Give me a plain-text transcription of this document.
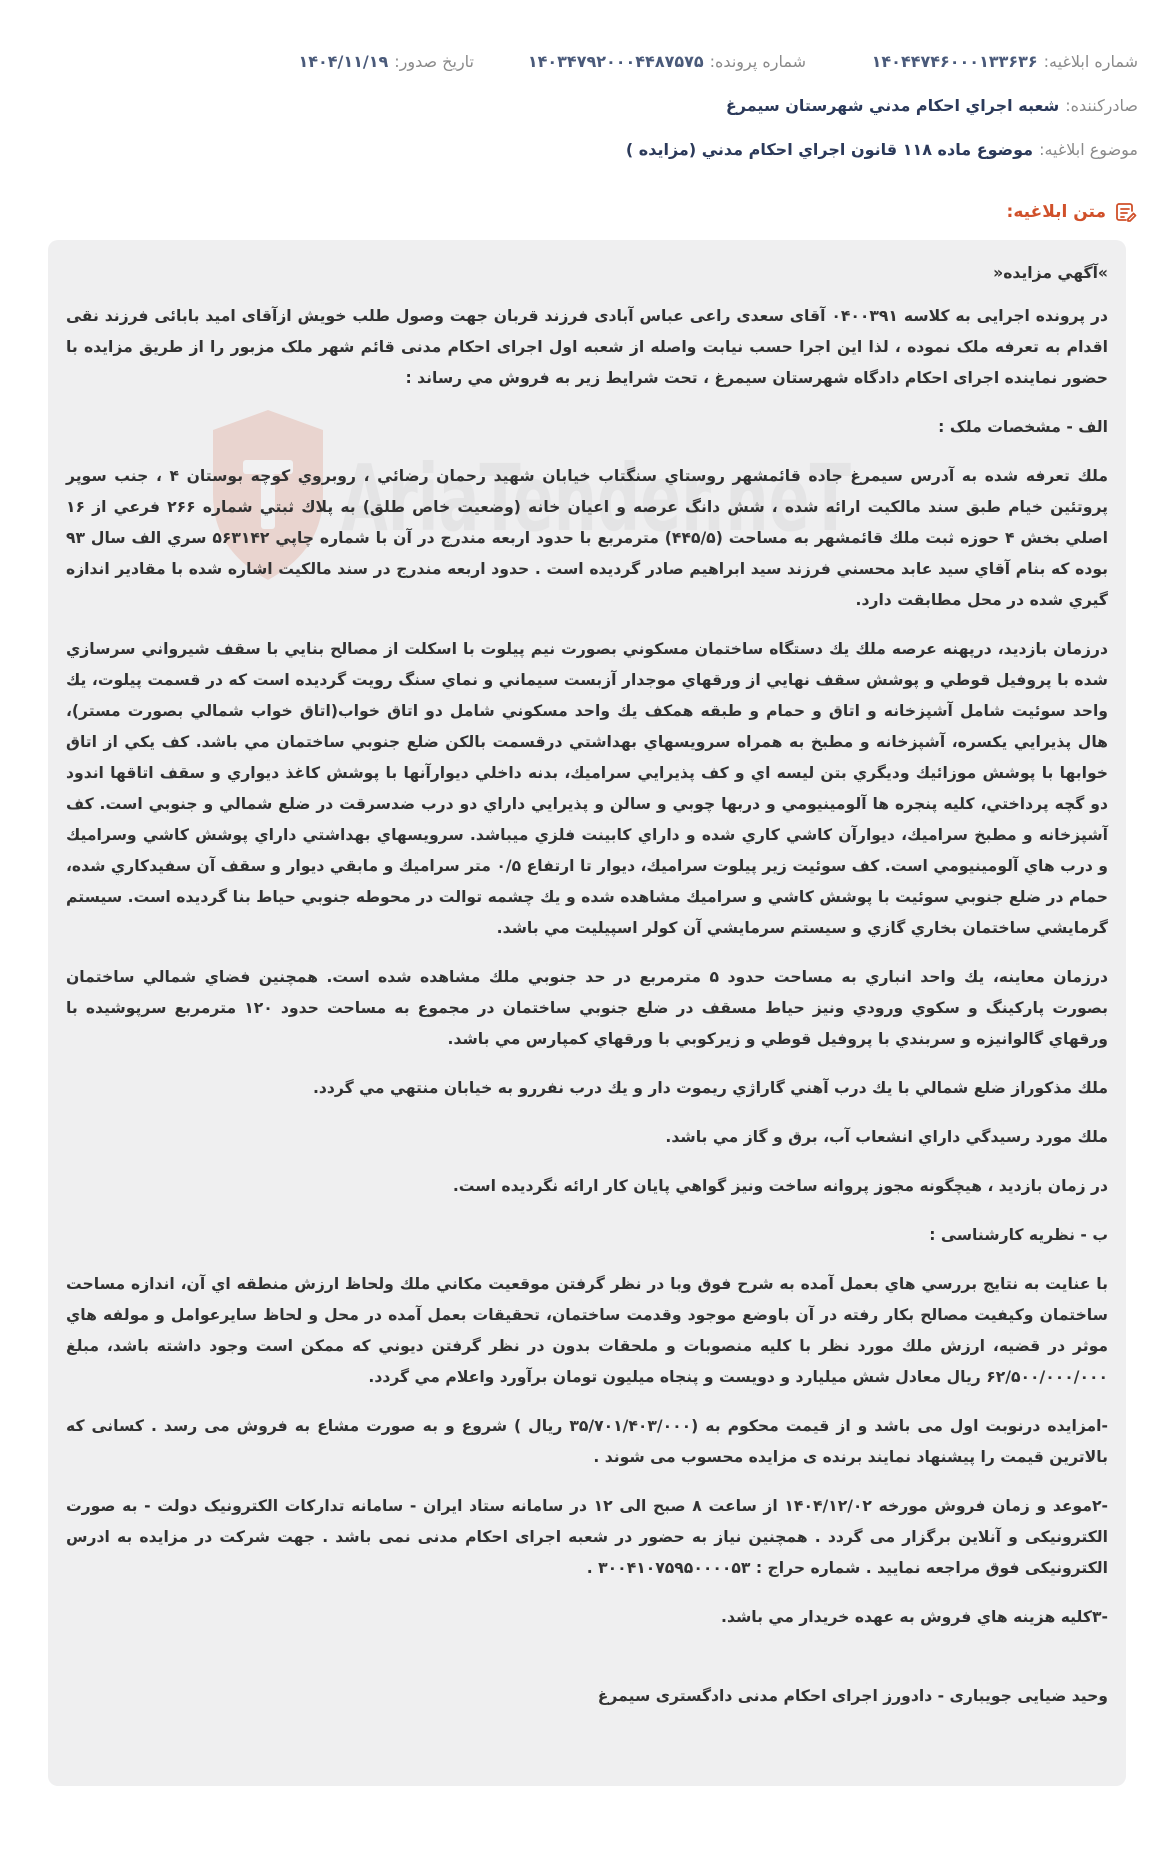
شماره ابلاغیه:
۱۴۰۴۴۷۴۶۰۰۰۱۳۳۶۳۶
شماره پرونده:
۱۴۰۳۴۷۹۲۰۰۰۴۴۸۷۵۷۵
تاریخ صدور:
۱۴۰۴/۱۱/۱۹
صادرکننده:
شعبه اجراي احکام مدني شهرستان سيمرغ
موضوع ابلاغیه:
موضوع ماده ۱۱۸ قانون اجراي احکام مدني (مزايده )
متن ابلاغیه:
AriaTender.neT

»آگهي مزايده«

در پرونده اجرایی به کلاسه ۰۴۰۰۳۹۱ آقای سعدی راعی عباس آبادی فرزند قربان جهت وصول طلب خويش ازآقای اميد بابائی فرزند نقی اقدام به تعرفه ملک نموده ، لذا اين اجرا حسب نيابت واصله از شعبه اول اجرای احکام مدنی قائم شهر ملک مزبور را از طريق مزايده با حضور نماينده اجرای احکام دادگاه شهرستان سيمرغ ، تحت شرايط زير به فروش مي رساند :

الف - مشخصات ملک :

ملك تعرفه شده به آدرس سيمرغ جاده قائمشهر روستاي سنگتاب خيابان شهيد رحمان رضائي ، روبروي كوچه بوستان ۴ ، جنب سوپر پروتئين خيام طبق سند مالكيت ارائه شده ، شش دانگ عرصه و اعيان خانه (وضعيت خاص طلق) به پلاك ثبتي شماره ۲۶۶ فرعي از ۱۶ اصلي بخش ۴ حوزه ثبت ملك قائمشهر به مساحت (۴۴۵/۵) مترمربع با حدود اربعه مندرج در آن با شماره چاپي ۵۶۳۱۴۲ سري الف سال ۹۳ بوده كه بنام آقاي سيد عابد محسني فرزند سيد ابراهيم صادر گرديده است . حدود اربعه مندرج در سند مالكيت اشاره شده با مقادير اندازه گيري شده در محل مطابقت دارد.

درزمان بازديد، درپهنه عرصه ملك يك دستگاه ساختمان مسكوني بصورت نيم پيلوت با اسكلت از مصالح بنايي با سقف شيرواني سرسازي شده با پروفيل قوطي و پوشش سقف نهايي از ورقهاي موجدار آزبست سيماني و نماي سنگ رويت گرديده است كه در قسمت پيلوت، يك واحد سوئيت شامل آشپزخانه و اتاق و حمام و طبقه همكف يك واحد مسكوني شامل دو اتاق خواب(اتاق خواب شمالي بصورت مستر)، هال پذيرايي يكسره، آشپزخانه و مطبخ به همراه سرويسهاي بهداشتي درقسمت بالكن ضلع جنوبي ساختمان مي باشد. كف يكي از اتاق خوابها با پوشش موزائيك وديگري بتن ليسه اي و كف پذيرايي سراميك، بدنه داخلي ديوارآنها با پوشش كاغذ ديواري و سقف اتاقها اندود دو گچه پرداختي، كليه پنجره ها آلومينيومي و دربها چوبي و سالن و پذيرايي داراي دو درب ضدسرقت در ضلع شمالي و جنوبي است. كف آشپزخانه و مطبخ سراميك، ديوارآن كاشي كاري شده و داراي كابينت فلزي ميباشد. سرويسهاي بهداشتي داراي پوشش كاشي وسراميك و درب هاي آلومينيومي است. كف سوئيت زير پيلوت سراميك، ديوار تا ارتفاع ۰/۵ متر سراميك و مابقي ديوار و سقف آن سفيدكاري شده، حمام در ضلع جنوبي سوئيت با پوشش كاشي و سراميك مشاهده شده و يك چشمه توالت در محوطه جنوبي حياط بنا گرديده است. سيستم گرمايشي ساختمان بخاري گازي و سيستم سرمايشي آن كولر اسپيليت مي باشد.

درزمان معاينه، يك واحد انباري به مساحت حدود ۵ مترمربع در حد جنوبي ملك مشاهده شده است. همچنين فضاي شمالي ساختمان بصورت پاركينگ و سكوي ورودي ونيز حياط مسقف در ضلع جنوبي ساختمان در مجموع به مساحت حدود ۱۲۰ مترمربع سرپوشيده با ورقهاي گالوانيزه و سربندي با پروفيل قوطي و زيركوبي با ورقهاي كمپارس مي باشد.

ملك مذكوراز ضلع شمالي با يك درب آهني گاراژي ريموت دار و يك درب نفررو به خيابان منتهي مي گردد.

ملك مورد رسيدگي داراي انشعاب آب، برق و گاز مي باشد.

در زمان بازديد ، هيچگونه مجوز پروانه ساخت ونيز گواهي پايان كار ارائه نگرديده است.

ب - نظريه كارشناسی :

با عنايت به نتايج بررسي هاي بعمل آمده به شرح فوق وبا در نظر گرفتن موقعيت مكاني ملك ولحاظ ارزش منطقه اي آن، اندازه مساحت ساختمان وكيفيت مصالح بكار رفته در آن باوضع موجود وقدمت ساختمان، تحقيقات بعمل آمده در محل و لحاظ سايرعوامل و مولفه هاي موثر در قضيه، ارزش ملك مورد نظر با كليه منصوبات و ملحقات بدون در نظر گرفتن ديوني كه ممكن است وجود داشته باشد، مبلغ ۶۲/۵۰۰/۰۰۰/۰۰۰ ريال معادل شش ميليارد و دويست و پنجاه ميليون تومان برآورد واعلام مي گردد.

-امزايده درنوبت اول می باشد و از قيمت محکوم به (۳۵/۷۰۱/۴۰۳/۰۰۰ ريال ) شروع و به صورت مشاع به فروش می رسد . کسانی که بالاترين قيمت را پيشنهاد نمايند برنده ی مزايده محسوب می شوند .

-۲موعد و زمان فروش مورخه ۱۴۰۴/۱۲/۰۲ از ساعت ۸ صبح الی ۱۲ در سامانه ستاد ايران - سامانه تدارکات الکترونيک دولت - به صورت الکترونيکی و آنلاين برگزار می گردد . همچنين نياز به حضور در شعبه اجرای احکام مدنی نمی باشد . جهت شرکت در مزايده به ادرس الکترونيکی فوق مراجعه نماييد . شماره حراج : ۳۰۰۴۱۰۷۵۹۵۰۰۰۰۵۳ .

-۳کليه هزينه هاي فروش به عهده خريدار مي باشد.

وحيد ضيايی جويباری - دادورز اجرای احکام مدنی دادگستری سيمرغ
